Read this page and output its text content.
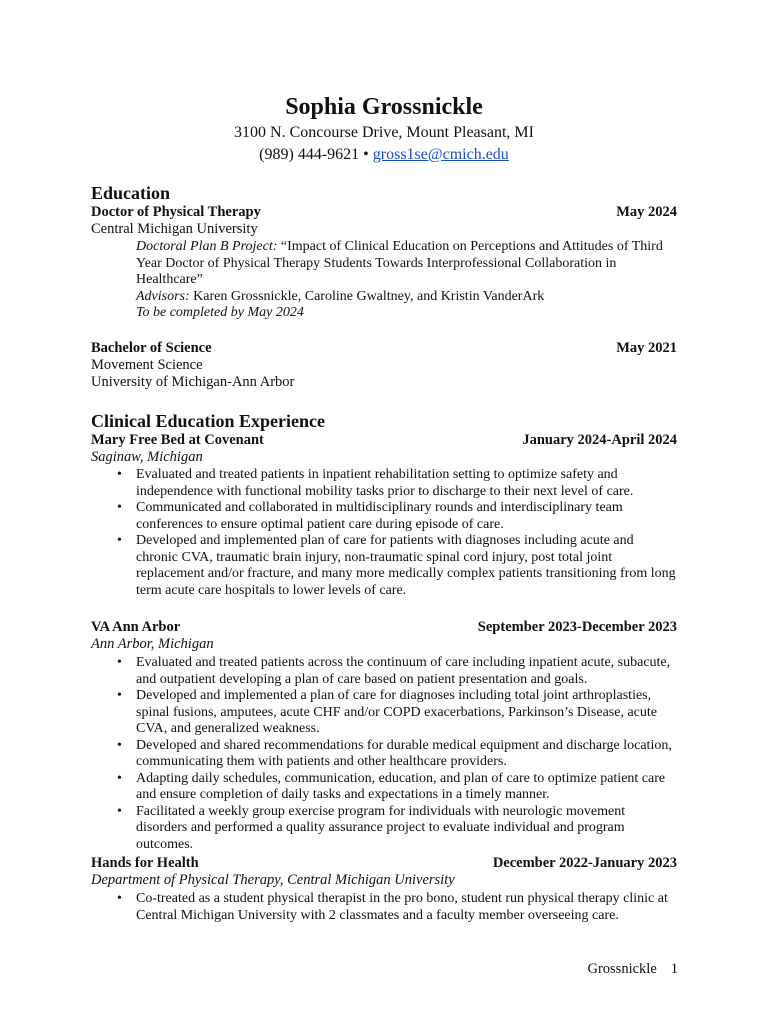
Sophia Grossnickle
3100 N. Concourse Drive, Mount Pleasant, MI
(989) 444-9621 • gross1se@cmich.edu
Education
Doctor of Physical Therapy	May 2024
Central Michigan University
Doctoral Plan B Project: “Impact of Clinical Education on Perceptions and Attitudes of Third Year Doctor of Physical Therapy Students Towards Interprofessional Collaboration in Healthcare”
Advisors: Karen Grossnickle, Caroline Gwaltney, and Kristin VanderArk
To be completed by May 2024
Bachelor of Science	May 2021
Movement Science
University of Michigan-Ann Arbor
Clinical Education Experience
Mary Free Bed at Covenant	January 2024-April 2024
Saginaw, Michigan
• Evaluated and treated patients in inpatient rehabilitation setting to optimize safety and independence with functional mobility tasks prior to discharge to their next level of care.
• Communicated and collaborated in multidisciplinary rounds and interdisciplinary team conferences to ensure optimal patient care during episode of care.
• Developed and implemented plan of care for patients with diagnoses including acute and chronic CVA, traumatic brain injury, non-traumatic spinal cord injury, post total joint replacement and/or fracture, and many more medically complex patients transitioning from long term acute care hospitals to lower levels of care.
VA Ann Arbor	September 2023-December 2023
Ann Arbor, Michigan
• Evaluated and treated patients across the continuum of care including inpatient acute, subacute, and outpatient developing a plan of care based on patient presentation and goals.
• Developed and implemented a plan of care for diagnoses including total joint arthroplasties, spinal fusions, amputees, acute CHF and/or COPD exacerbations, Parkinson’s Disease, acute CVA, and generalized weakness.
• Developed and shared recommendations for durable medical equipment and discharge location, communicating them with patients and other healthcare providers.
• Adapting daily schedules, communication, education, and plan of care to optimize patient care and ensure completion of daily tasks and expectations in a timely manner.
• Facilitated a weekly group exercise program for individuals with neurologic movement disorders and performed a quality assurance project to evaluate individual and program outcomes.
Hands for Health	December 2022-January 2023
Department of Physical Therapy, Central Michigan University
• Co-treated as a student physical therapist in the pro bono, student run physical therapy clinic at Central Michigan University with 2 classmates and a faculty member overseeing care.
Grossnickle 1
